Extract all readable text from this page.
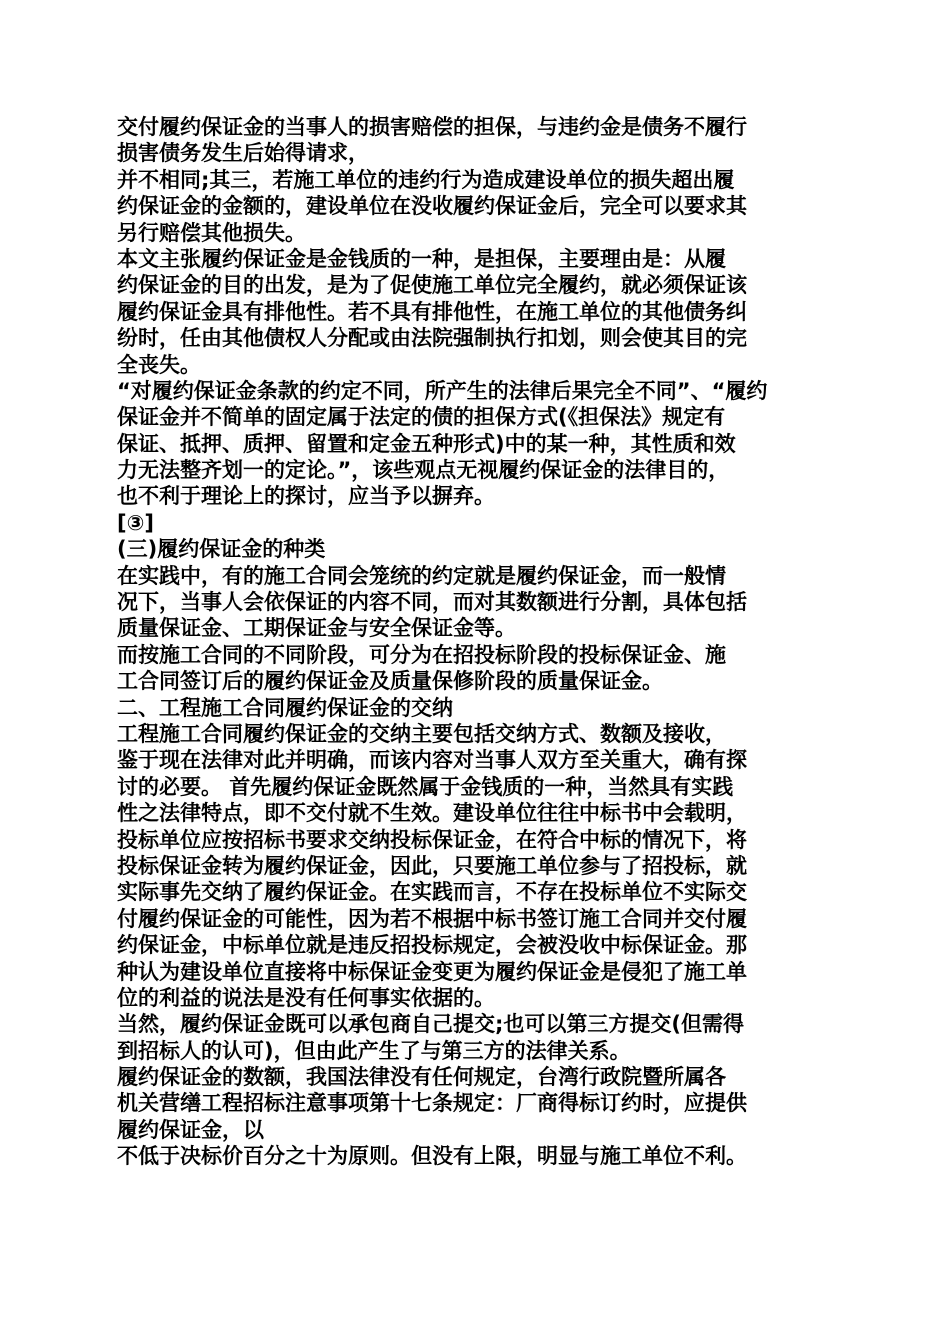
交付履约保证金的当事人的损害赔偿的担保，与违约金是债务不履行
损害债务发生后始得请求，
并不相同;其三，若施工单位的违约行为造成建设单位的损失超出履
约保证金的金额的，建设单位在没收履约保证金后，完全可以要求其
另行赔偿其他损失。
本文主张履约保证金是金钱质的一种，是担保，主要理由是：从履
约保证金的目的出发，是为了促使施工单位完全履约，就必须保证该
履约保证金具有排他性。若不具有排他性，在施工单位的其他债务纠
纷时，任由其他债权人分配或由法院强制执行扣划，则会使其目的完
全丧失。
“对履约保证金条款的约定不同，所产生的法律后果完全不同”、“履约
保证金并不简单的固定属于法定的债的担保方式(《担保法》规定有
保证、抵押、质押、留置和定金五种形式)中的某一种，其性质和效
力无法整齐划一的定论。”，该些观点无视履约保证金的法律目的，
也不利于理论上的探讨，应当予以摒弃。
[③]
(三)履约保证金的种类
在实践中，有的施工合同会笼统的约定就是履约保证金，而一般情
况下，当事人会依保证的内容不同，而对其数额进行分割，具体包括
质量保证金、工期保证金与安全保证金等。
而按施工合同的不同阶段，可分为在招投标阶段的投标保证金、施
工合同签订后的履约保证金及质量保修阶段的质量保证金。
二、工程施工合同履约保证金的交纳
工程施工合同履约保证金的交纳主要包括交纳方式、数额及接收，
鉴于现在法律对此并明确，而该内容对当事人双方至关重大，确有探
讨的必要。 首先履约保证金既然属于金钱质的一种，当然具有实践
性之法律特点，即不交付就不生效。建设单位往往中标书中会载明，
投标单位应按招标书要求交纳投标保证金，在符合中标的情况下，将
投标保证金转为履约保证金，因此，只要施工单位参与了招投标，就
实际事先交纳了履约保证金。在实践而言，不存在投标单位不实际交
付履约保证金的可能性，因为若不根据中标书签订施工合同并交付履
约保证金，中标单位就是违反招投标规定，会被没收中标保证金。那
种认为建设单位直接将中标保证金变更为履约保证金是侵犯了施工单
位的利益的说法是没有任何事实依据的。
当然，履约保证金既可以承包商自己提交;也可以第三方提交(但需得
到招标人的认可)，但由此产生了与第三方的法律关系。
履约保证金的数额，我国法律没有任何规定，台湾行政院暨所属各
机关营缮工程招标注意事项第十七条规定：厂商得标订约时，应提供
履约保证金，以
不低于决标价百分之十为原则。但没有上限，明显与施工单位不利。
